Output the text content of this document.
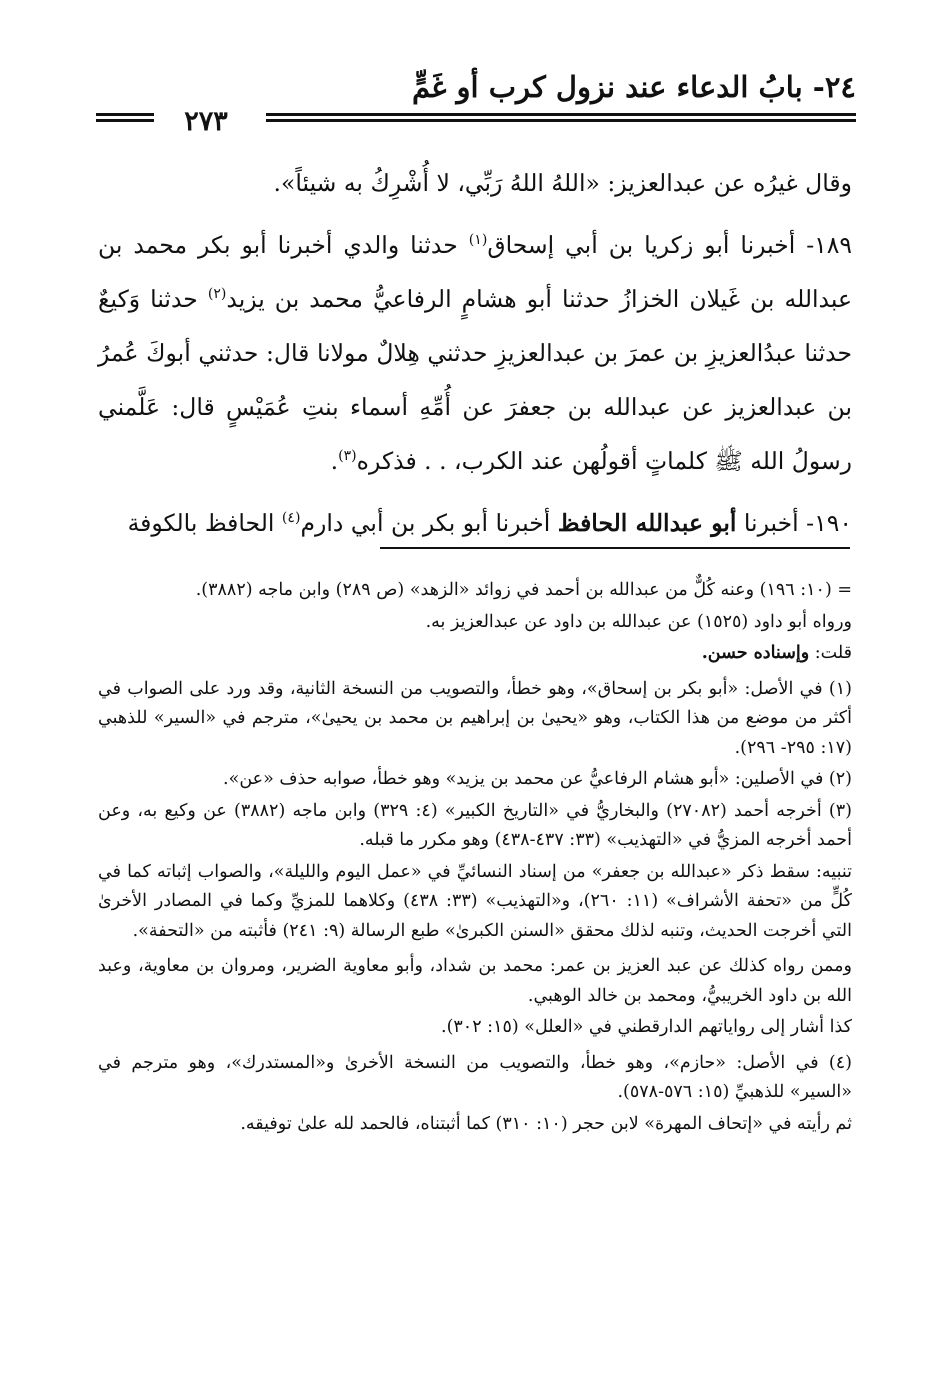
٢٤- بابُ الدعاء عند نزول كرب أو غَمٍّ
٢٧٣

وقال غيرُه عن عبدالعزيز: «اللهُ اللهُ رَبِّي، لا أُشْرِكُ به شيئاً».

١٨٩- أخبرنا أبو زكريا بن أبي إسحاق$^{(١)}$ حدثنا والدي أخبرنا أبو بكر محمد بن عبدالله بن غَيلان الخزازُ حدثنا أبو هشامٍ الرفاعيُّ محمد بن يزيد$^{(٢)}$ حدثنا وَكيعٌ حدثنا عبدُالعزيزِ بن عمرَ بن عبدالعزيزِ حدثني هِلالٌ مولانا قال: حدثني أبوكَ عُمرُ بن عبدالعزيز عن عبدالله بن جعفرَ عن أُمِّهِ أسماء بنتِ عُمَيْسٍ قال: عَلَّمني رسولُ الله ﷺ كلماتٍ أقولُهن عند الكرب، . . فذكره$^{(٣)}$.

١٩٠- أخبرنا أبو عبدالله الحافظ أخبرنا أبو بكر بن أبي دارم$^{(٤)}$ الحافظ بالكوفة

= (١٠: ١٩٦) وعنه كُلٌّ من عبدالله بن أحمد في زوائد «الزهد» (ص ٢٨٩) وابن ماجه (٣٨٨٢).

ورواه أبو داود (١٥٢٥) عن عبدالله بن داود عن عبدالعزيز به.

قلت: وإسناده حسن.

(١) في الأصل: «أبو بكر بن إسحاق»، وهو خطأ، والتصويب من النسخة الثانية، وقد ورد على الصواب في أكثر من موضع من هذا الكتاب، وهو «يحيىٰ بن إبراهيم بن محمد بن يحيىٰ»، مترجم في «السير» للذهبي (١٧: ٢٩٥- ٢٩٦).

(٢) في الأصلين: «أبو هشام الرفاعيُّ عن محمد بن يزيد» وهو خطأ، صوابه حذف «عن».

(٣) أخرجه أحمد (٢٧٠٨٢) والبخاريُّ في «التاريخ الكبير» (٤: ٣٢٩) وابن ماجه (٣٨٨٢) عن وكيع به، وعن أحمد أخرجه المزيُّ في «التهذيب» (٣٣: ٤٣٧-٤٣٨) وهو مكرر ما قبله.

تنبيه: سقط ذكر «عبدالله بن جعفر» من إسناد النسائيِّ في «عمل اليوم والليلة»، والصواب إثباته كما في كُلٍّ من «تحفة الأشراف» (١١: ٢٦٠)، و«التهذيب» (٣٣: ٤٣٨) وكلاهما للمزيِّ وكما في المصادر الأخرىٰ التي أخرجت الحديث، وتنبه لذلك محقق «السنن الكبرىٰ» طبع الرسالة (٩: ٢٤١) فأثبته من «التحفة».

وممن رواه كذلك عن عبد العزيز بن عمر: محمد بن شداد، وأبو معاوية الضرير، ومروان بن معاوية، وعبد الله بن داود الخريبيُّ، ومحمد بن خالد الوهبي.

كذا أشار إلى رواياتهم الدارقطني في «العلل» (١٥: ٣٠٢).

(٤) في الأصل: «حازم»، وهو خطأ، والتصويب من النسخة الأخرىٰ و«المستدرك»، وهو مترجم في «السير» للذهبيِّ (١٥: ٥٧٦-٥٧٨).

ثم رأيته في «إتحاف المهرة» لابن حجر (١٠: ٣١٠) كما أثبتناه، فالحمد لله علىٰ توفيقه.
